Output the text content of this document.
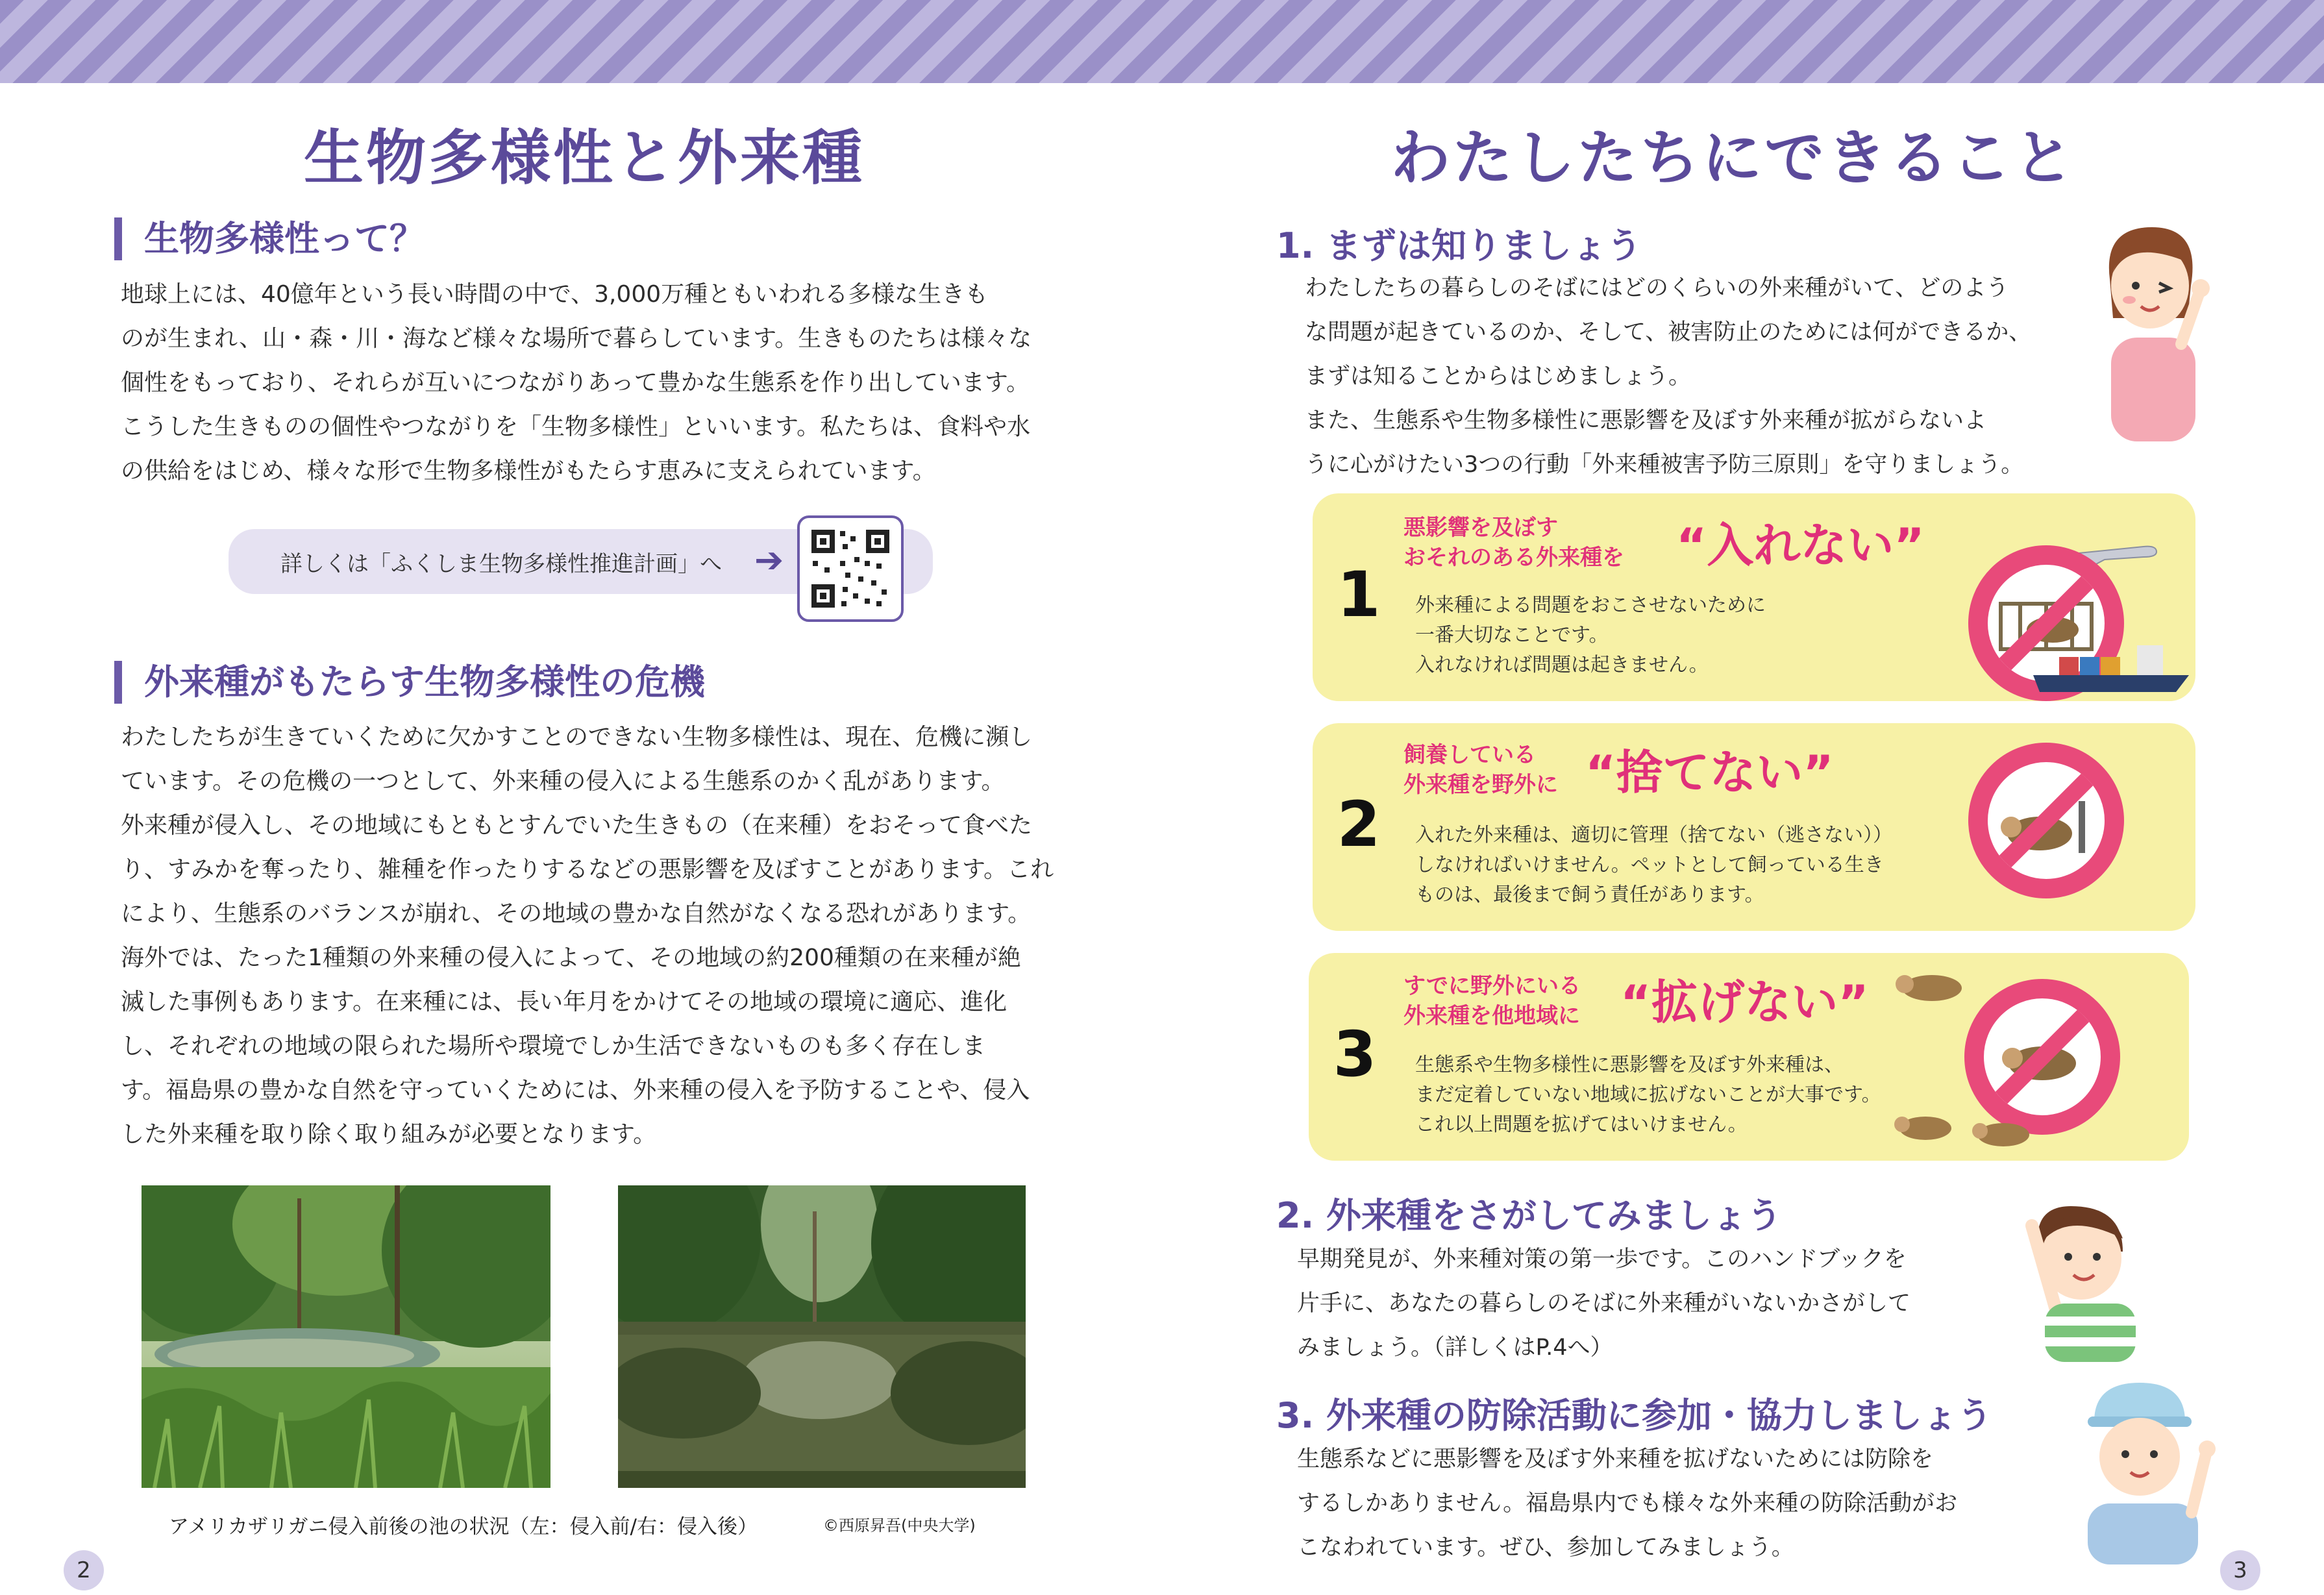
生物多様性と外来種
生物多様性って？

地球上には、40億年という長い時間の中で、3,000万種ともいわれる多様な生きも

のが生まれ、山・森・川・海など様々な場所で暮らしています。生きものたちは様々な

個性をもっており、それらが互いにつながりあって豊かな生態系を作り出しています。

こうした生きものの個性やつながりを「生物多様性」といいます。私たちは、食料や水

の供給をはじめ、様々な形で生物多様性がもたらす恵みに支えられています。

詳しくは「ふくしま生物多様性推進計画」へ ➔
外来種がもたらす生物多様性の危機

わたしたちが生きていくために欠かすことのできない生物多様性は、現在、危機に瀕し

ています。その危機の一つとして、外来種の侵入による生態系のかく乱があります。

外来種が侵入し、その地域にもともとすんでいた生きもの（在来種）をおそって食べた

り、すみかを奪ったり、雑種を作ったりするなどの悪影響を及ぼすことがあります。これ

により、生態系のバランスが崩れ、その地域の豊かな自然がなくなる恐れがあります。

海外では、たった1種類の外来種の侵入によって、その地域の約200種類の在来種が絶

滅した事例もあります。在来種には、長い年月をかけてその地域の環境に適応、進化

し、それぞれの地域の限られた場所や環境でしか生活できないものも多く存在しま

す。福島県の豊かな自然を守っていくためには、外来種の侵入を予防することや、侵入

した外来種を取り除く取り組みが必要となります。

アメリカザリガニ侵入前後の池の状況（左：侵入前/右：侵入後）	©西原昇吾(中央大学)
2
わたしたちにできること
1. まずは知りましょう

わたしたちの暮らしのそばにはどのくらいの外来種がいて、どのよう

な問題が起きているのか、そして、被害防止のためには何ができるか、

まずは知ることからはじめましょう。

また、生態系や生物多様性に悪影響を及ぼす外来種が拡がらないよ

うに心がけたい3つの行動「外来種被害予防三原則」を守りましょう。

1
悪影響を及ぼす
おそれのある外来種を “入れない”
外来種による問題をおこさせないために
一番大切なことです。
入れなければ問題は起きません。
2
飼養している
外来種を野外に “捨てない”
入れた外来種は、適切に管理（捨てない（逃さない））
しなければいけません。ペットとして飼っている生き
ものは、最後まで飼う責任があります。
3
すでに野外にいる
外来種を他地域に “拡げない”
生態系や生物多様性に悪影響を及ぼす外来種は、
まだ定着していない地域に拡げないことが大事です。
これ以上問題を拡げてはいけません。
2. 外来種をさがしてみましょう

早期発見が、外来種対策の第一歩です。このハンドブックを

片手に、あなたの暮らしのそばに外来種がいないかさがして

みましょう。（詳しくはP.4へ）

3. 外来種の防除活動に参加・協力しましょう

生態系などに悪影響を及ぼす外来種を拡げないためには防除を

するしかありません。福島県内でも様々な外来種の防除活動がお

こなわれています。ぜひ、参加してみましょう。

3
